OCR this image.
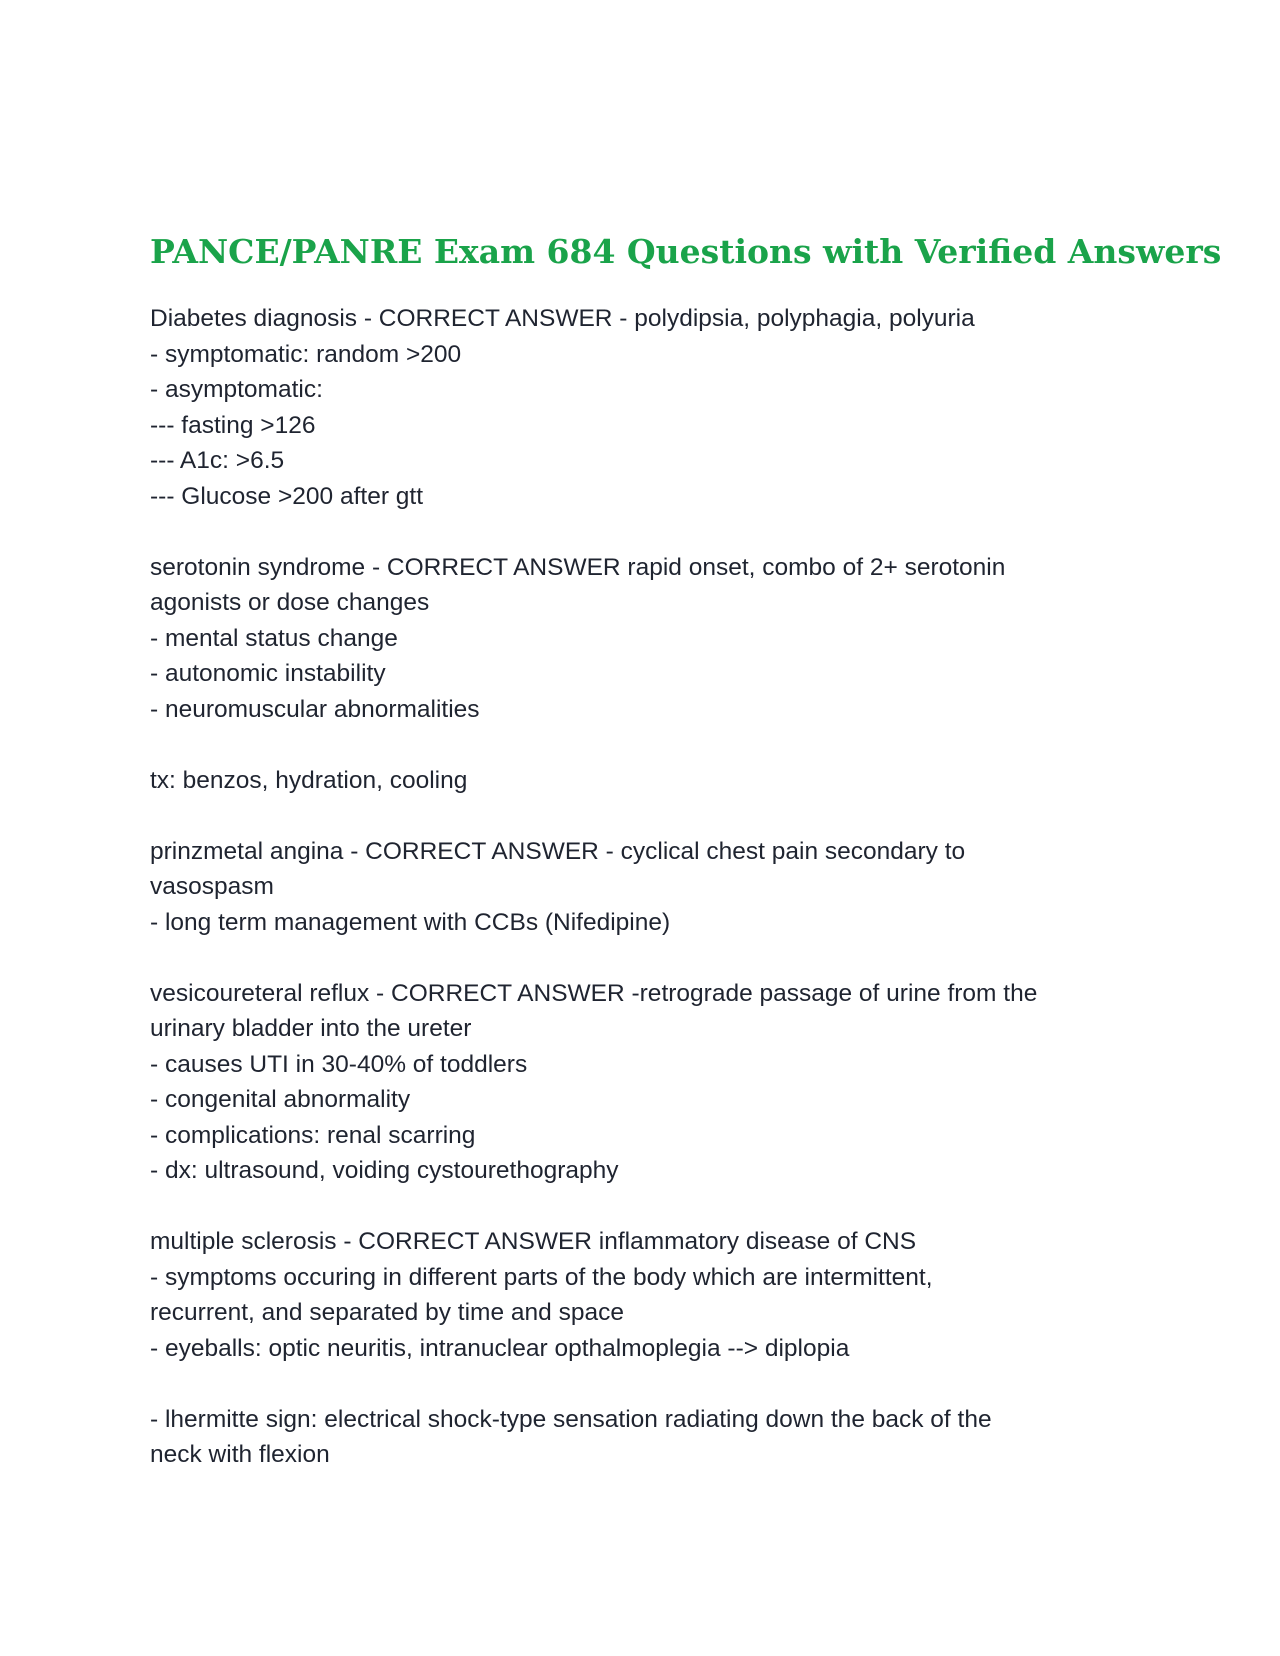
PANCE/PANRE Exam 684 Questions with Verified Answers
Diabetes diagnosis - CORRECT ANSWER - polydipsia, polyphagia, polyuria
- symptomatic: random >200
- asymptomatic:
--- fasting >126
--- A1c: >6.5
--- Glucose >200 after gtt
serotonin syndrome - CORRECT ANSWER rapid onset, combo of 2+ serotonin
agonists or dose changes
- mental status change
- autonomic instability
- neuromuscular abnormalities
tx: benzos, hydration, cooling
prinzmetal angina - CORRECT ANSWER - cyclical chest pain secondary to
vasospasm
- long term management with CCBs (Nifedipine)
vesicoureteral reflux - CORRECT ANSWER -retrograde passage of urine from the
urinary bladder into the ureter
- causes UTI in 30-40% of toddlers
- congenital abnormality
- complications: renal scarring
- dx: ultrasound, voiding cystourethography
multiple sclerosis - CORRECT ANSWER inflammatory disease of CNS
- symptoms occuring in different parts of the body which are intermittent,
recurrent, and separated by time and space
- eyeballs: optic neuritis, intranuclear opthalmoplegia --> diplopia
- lhermitte sign: electrical shock-type sensation radiating down the back of the
neck with flexion
